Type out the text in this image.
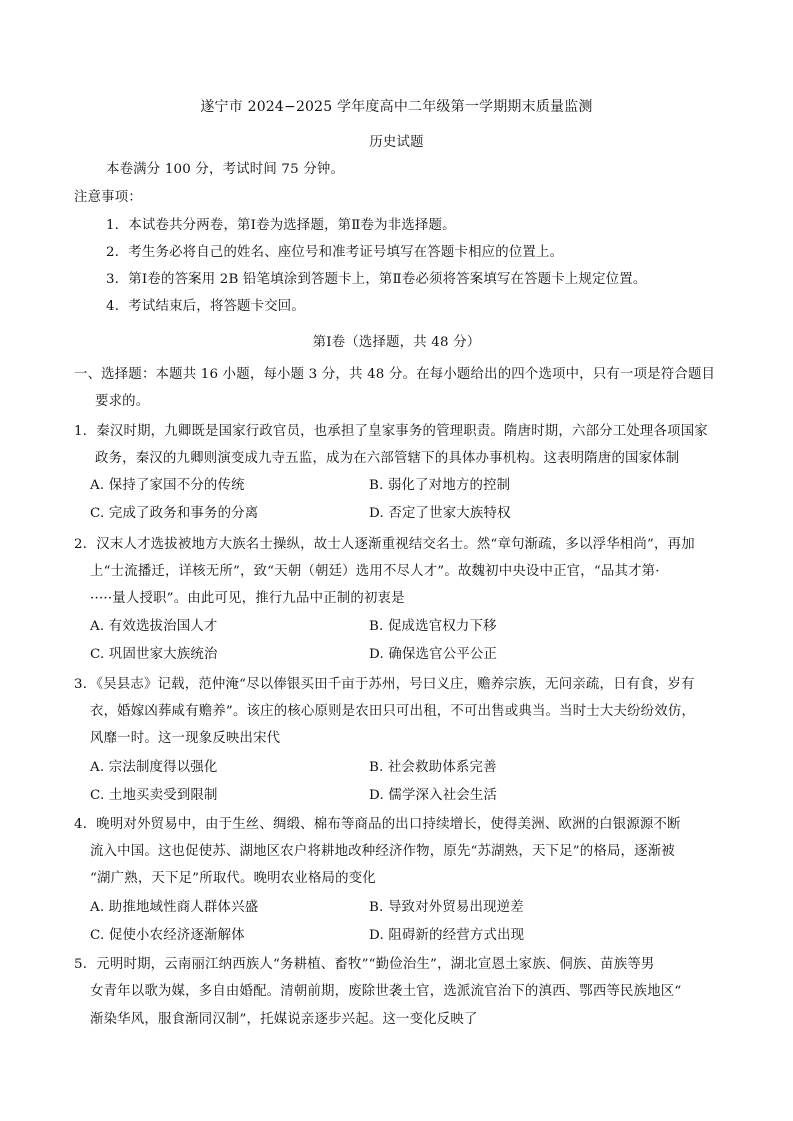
遂宁市 2024−2025 学年度高中二年级第一学期期末质量监测
历史试题
本卷满分 100 分，考试时间 75 分钟。
注意事项：
1．本试卷共分两卷，第Ⅰ卷为选择题，第Ⅱ卷为非选择题。
2．考生务必将自己的姓名、座位号和准考证号填写在答题卡相应的位置上。
3．第Ⅰ卷的答案用 2B 铅笔填涂到答题卡上，第Ⅱ卷必须将答案填写在答题卡上规定位置。
4．考试结束后，将答题卡交回。
第Ⅰ卷（选择题，共 48 分）
一、选择题：本题共 16 小题，每小题 3 分，共 48 分。在每小题给出的四个选项中，只有一项是符合题目
要求的。
1．秦汉时期，九卿既是国家行政官员，也承担了皇家事务的管理职责。隋唐时期，六部分工处理各项国家
政务，秦汉的九卿则演变成九寺五监，成为在六部管辖下的具体办事机构。这表明隋唐的国家体制
A. 保持了家国不分的传统	B. 弱化了对地方的控制
C. 完成了政务和事务的分离	D. 否定了世家大族特权
2．汉末人才选拔被地方大族名士操纵，故士人逐渐重视结交名士。然“章句渐疏，多以浮华相尚”，再加
上“士流播迁，详核无所”，致“天朝（朝廷）选用不尽人才”。故魏初中央设中正官，“品其才第·
·····量人授职”。由此可见，推行九品中正制的初衷是
A. 有效选拔治国人才	B. 促成选官权力下移
C. 巩固世家大族统治	D. 确保选官公平公正
3．《吴县志》记载，范仲淹“尽以俸银买田千亩于苏州，号曰义庄，赡养宗族，无问亲疏，日有食，岁有
衣，婚嫁凶葬咸有赡养”。该庄的核心原则是农田只可出租，不可出售或典当。当时士大夫纷纷效仿，
风靡一时。这一现象反映出宋代
A. 宗法制度得以强化	B. 社会救助体系完善
C. 土地买卖受到限制	D. 儒学深入社会生活
4．晚明对外贸易中，由于生丝、绸缎、棉布等商品的出口持续增长，使得美洲、欧洲的白银源源不断
流入中国。这也促使苏、湖地区农户将耕地改种经济作物，原先“苏湖熟，天下足”的格局，逐渐被
“湖广熟，天下足”所取代。晚明农业格局的变化
A. 助推地域性商人群体兴盛	B. 导致对外贸易出现逆差
C. 促使小农经济逐渐解体	D. 阻碍新的经营方式出现
5．元明时期，云南丽江纳西族人“务耕植、畜牧”“勤俭治生”，湖北宣恩土家族、侗族、苗族等男
女青年以歌为媒，多自由婚配。清朝前期，废除世袭土官，选派流官治下的滇西、鄂西等民族地区“
渐染华风，服食渐同汉制”，托媒说亲逐步兴起。这一变化反映了
